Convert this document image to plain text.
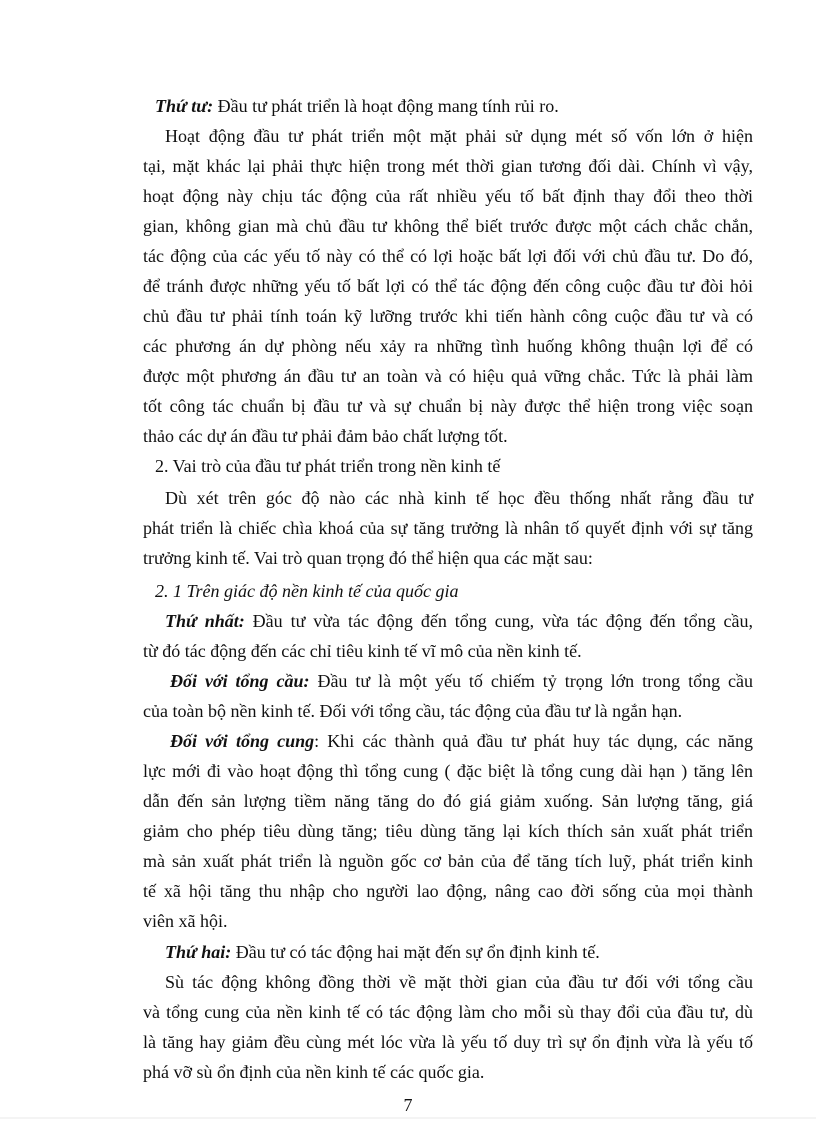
Thứ tư: Đầu tư phát triển là hoạt động mang tính rủi ro.
Hoạt động đầu tư phát triển một mặt phải sử dụng mét số vốn lớn ở hiện
tại, mặt khác lại phải thực hiện trong mét thời gian tương đối dài. Chính vì vậy,
hoạt động này chịu tác động của rất nhiều yếu tố bất định thay đổi theo thời
gian, không gian mà chủ đầu tư không thể biết trước được một cách chắc chắn,
tác động của các yếu tố này có thể có lợi hoặc bất lợi đối với chủ đầu tư. Do đó,
để tránh được những yếu tố bất lợi có thể tác động đến công cuộc đầu tư đòi hỏi
chủ đầu tư phải tính toán kỹ lưỡng trước khi tiến hành công cuộc đầu tư và có
các phương án dự phòng nếu xảy ra những tình huống không thuận lợi để có
được một phương án đầu tư an toàn và có hiệu quả vững chắc. Tức là phải làm
tốt công tác chuẩn bị đầu tư và sự chuẩn bị này được thể hiện trong việc soạn
thảo các dự án đầu tư phải đảm bảo chất lượng tốt.
2. Vai trò của đầu tư phát triển trong nền kinh tế
Dù xét trên góc độ nào các nhà kinh tế học đều thống nhất rằng đầu tư
phát triển là chiếc chìa khoá của sự tăng trưởng là nhân tố quyết định với sự tăng
trưởng kinh tế. Vai trò quan trọng đó thể hiện qua các mặt sau:
2. 1 Trên giác độ nền kinh tế của quốc gia
Thứ nhất: Đầu tư vừa tác động đến tổng cung, vừa tác động đến tổng cầu,
từ đó tác động đến các chỉ tiêu kinh tế vĩ mô của nền kinh tế.
Đối với tổng cầu: Đầu tư là một yếu tố chiếm tỷ trọng lớn trong tổng cầu
của toàn bộ nền kinh tế. Đối với tổng cầu, tác động của đầu tư là ngắn hạn.
Đối với tổng cung: Khi các thành quả đầu tư phát huy tác dụng, các năng
lực mới đi vào hoạt động thì tổng cung ( đặc biệt là tổng cung dài hạn ) tăng lên
dẫn đến sản lượng tiềm năng tăng do đó giá giảm xuống. Sản lượng tăng, giá
giảm cho phép tiêu dùng tăng; tiêu dùng tăng lại kích thích sản xuất phát triển
mà sản xuất phát triển là nguồn gốc cơ bản của để tăng tích luỹ, phát triển kinh
tế xã hội tăng thu nhập cho người lao động, nâng cao đời sống của mọi thành
viên xã hội.
Thứ hai: Đầu tư có tác động hai mặt đến sự ổn định kinh tế.
Sù tác động không đồng thời về mặt thời gian của đầu tư đối với tổng cầu
và tổng cung của nền kinh tế có tác động làm cho mỗi sù thay đổi của đầu tư, dù
là tăng hay giảm đều cùng mét lóc vừa là yếu tố duy trì sự ổn định vừa là yếu tố
phá vỡ sù ổn định của nền kinh tế các quốc gia.
7
